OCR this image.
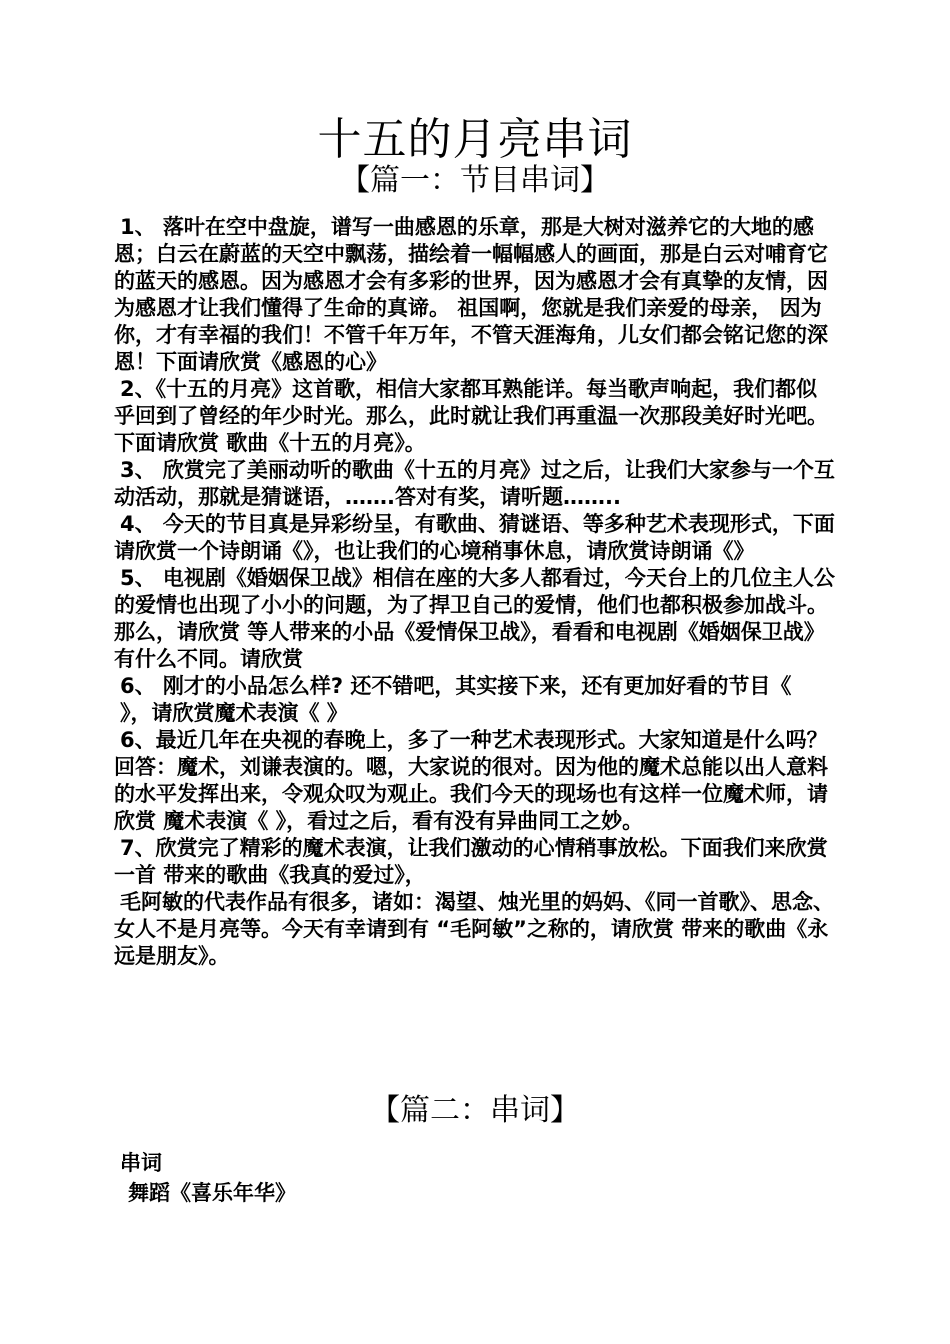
十五的月亮串词
【篇一：节目串词】

1、 落叶在空中盘旋，谱写一曲感恩的乐章，那是大树对滋养它的大地的感恩；白云在蔚蓝的天空中飘荡，描绘着一幅幅感人的画面，那是白云对哺育它的蓝天的感恩。因为感恩才会有多彩的世界，因为感恩才会有真挚的友情，因为感恩才让我们懂得了生命的真谛。 祖国啊，您就是我们亲爱的母亲， 因为你，才有幸福的我们！不管千年万年，不管天涯海角，儿女们都会铭记您的深恩！下面请欣赏《感恩的心》

2、《十五的月亮》这首歌，相信大家都耳熟能详。每当歌声响起，我们都似乎回到了曾经的年少时光。那么，此时就让我们再重温一次那段美好时光吧。下面请欣赏 歌曲《十五的月亮》。

3、 欣赏完了美丽动听的歌曲《十五的月亮》过之后，让我们大家参与一个互动活动，那就是猜谜语，…….答对有奖，请听题……..

4、 今天的节目真是异彩纷呈，有歌曲、猜谜语、等多种艺术表现形式，下面请欣赏一个诗朗诵《》，也让我们的心境稍事休息，请欣赏诗朗诵《》

5、 电视剧《婚姻保卫战》相信在座的大多人都看过，今天台上的几位主人公的爱情也出现了小小的问题，为了捍卫自己的爱情，他们也都积极参加战斗。那么，请欣赏 等人带来的小品《爱情保卫战》，看看和电视剧《婚姻保卫战》有什么不同。请欣赏

6、 刚才的小品怎么样? 还不错吧，其实接下来，还有更加好看的节目《

》，请欣赏魔术表演《 》

6、最近几年在央视的春晚上，多了一种艺术表现形式。大家知道是什么吗？回答：魔术，刘谦表演的。嗯，大家说的很对。因为他的魔术总能以出人意料的水平发挥出来，令观众叹为观止。我们今天的现场也有这样一位魔术师，请欣赏 魔术表演《 》，看过之后，看有没有异曲同工之妙。

7、欣赏完了精彩的魔术表演，让我们激动的心情稍事放松。下面我们来欣赏一首 带来的歌曲《我真的爱过》，

毛阿敏的代表作品有很多，诸如：渴望、烛光里的妈妈、《同一首歌》、思念、女人不是月亮等。今天有幸请到有 “毛阿敏”之称的，请欣赏 带来的歌曲《永远是朋友》。

【篇二：串词】

串词

舞蹈《喜乐年华》
